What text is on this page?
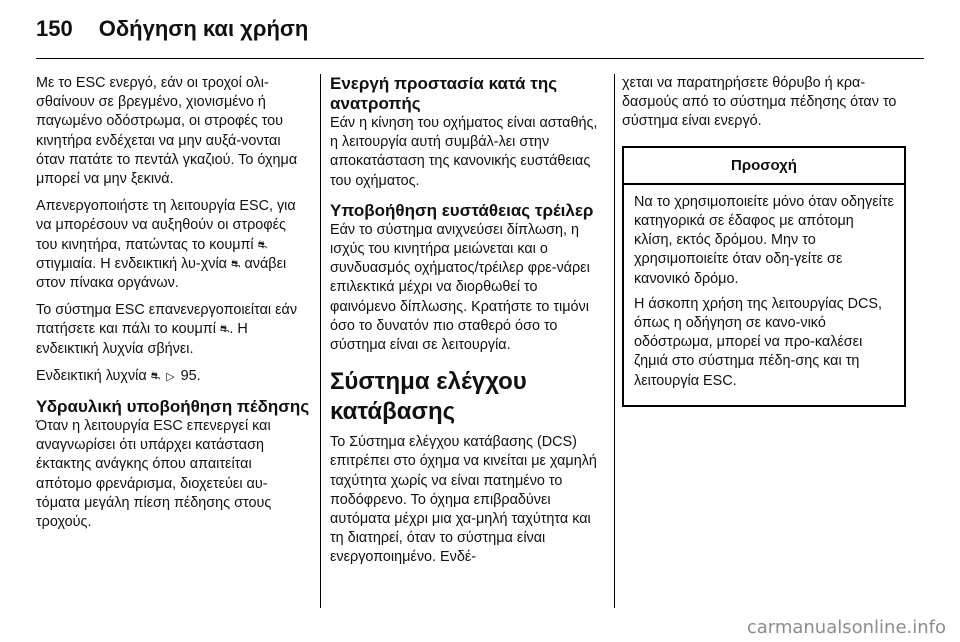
150 Οδήγηση και χρήση

Με το ESC ενεργό, εάν οι τροχοί ολι-σθαίνουν σε βρεγμένο, χιονισμένο ή παγωμένο οδόστρωμα, οι στροφές του κινητήρα ενδέχεται να μην αυξά-νονται όταν πατάτε το πεντάλ γκαζιού. Το όχημα μπορεί να μην ξεκινά.

Απενεργοποιήστε τη λειτουργία ESC, για να μπορέσουν να αυξηθούν οι στροφές του κινητήρα, πατώντας το κουμπί ⛐ στιγμιαία. Η ενδεικτική λυ-χνία ⛐ ανάβει στον πίνακα οργάνων.

Το σύστημα ESC επανενεργοποιείται εάν πατήσετε και πάλι το κουμπί ⛐. Η ενδεικτική λυχνία σβήνει.

Ενδεικτική λυχνία ⛐ ▷ 95.

Υδραυλική υποβοήθηση πέδησης

Όταν η λειτουργία ESC επενεργεί και αναγνωρίσει ότι υπάρχει κατάσταση έκτακτης ανάγκης όπου απαιτείται απότομο φρενάρισμα, διοχετεύει αυ-τόματα μεγάλη πίεση πέδησης στους τροχούς.

Ενεργή προστασία κατά της ανατροπής

Εάν η κίνηση του οχήματος είναι ασταθής, η λειτουργία αυτή συμβάλ-λει στην αποκατάσταση της κανονικής ευστάθειας του οχήματος.

Υποβοήθηση ευστάθειας τρέιλερ

Εάν το σύστημα ανιχνεύσει δίπλωση, η ισχύς του κινητήρα μειώνεται και ο συνδυασμός οχήματος/τρέιλερ φρε-νάρει επιλεκτικά μέχρι να διορθωθεί το φαινόμενο δίπλωσης. Κρατήστε το τιμόνι όσο το δυνατόν πιο σταθερό όσο το σύστημα είναι σε λειτουργία.

Σύστημα ελέγχου κατάβασης

Το Σύστημα ελέγχου κατάβασης (DCS) επιτρέπει στο όχημα να κινείται με χαμηλή ταχύτητα χωρίς να είναι πατημένο το ποδόφρενο. Το όχημα επιβραδύνει αυτόματα μέχρι μια χα-μηλή ταχύτητα και τη διατηρεί, όταν το σύστημα είναι ενεργοποιημένο. Ενδέ-

χεται να παρατηρήσετε θόρυβο ή κρα-δασμούς από το σύστημα πέδησης όταν το σύστημα είναι ενεργό.

Προσοχή

Να το χρησιμοποιείτε μόνο όταν οδηγείτε κατηγορικά σε έδαφος με απότομη κλίση, εκτός δρόμου. Μην το χρησιμοποιείτε όταν οδη-γείτε σε κανονικό δρόμο.

Η άσκοπη χρήση της λειτουργίας DCS, όπως η οδήγηση σε κανο-νικό οδόστρωμα, μπορεί να προ-καλέσει ζημιά στο σύστημα πέδη-σης και τη λειτουργία ESC.

carmanualsonline.info
